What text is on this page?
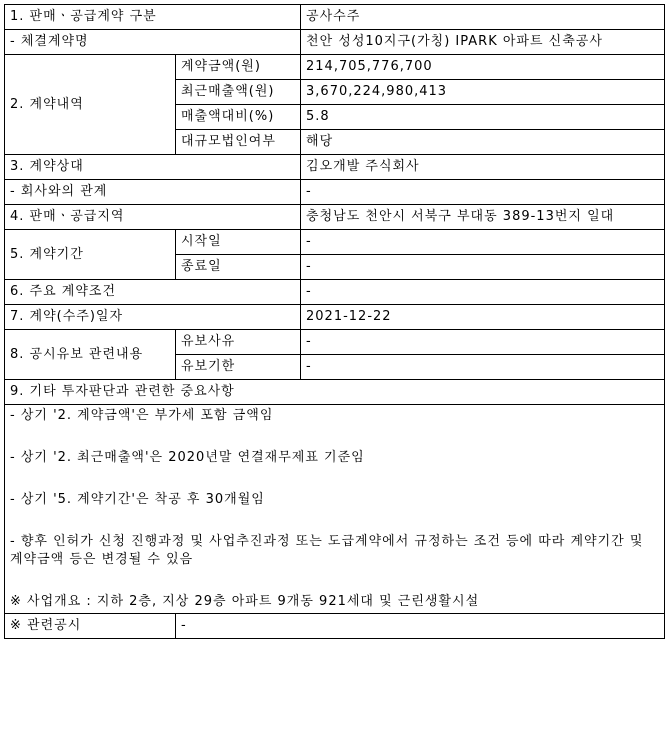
1. 판매ㆍ공급계약 구분		공사수주
- 체결계약명		천안 성성10지구(가칭) IPARK 아파트 신축공사
2. 계약내역	계약금액(원)	214,705,776,700
	최근매출액(원)	3,670,224,980,413
	매출액대비(%)	5.8
	대규모법인여부	해당
3. 계약상대		김오개발 주식회사
- 회사와의 관계		-
4. 판매ㆍ공급지역		충청남도 천안시 서북구 부대동 389-13번지 일대
5. 계약기간	시작일	-
	종료일	-
6. 주요 계약조건		-
7. 계약(수주)일자		2021-12-22
8. 공시유보 관련내용	유보사유	-
	유보기한	-
9. 기타 투자판단과 관련한 중요사항		

- 상기 '2. 계약금액'은 부가세 포함 금액임
- 상기 '2. 최근매출액'은 2020년말 연결재무제표 기준임
- 상기 '5. 계약기간'은 착공 후 30개월임
- 향후 인허가 신청 진행과정 및 사업추진과정 또는 도급계약에서 규정하는 조건 등에 따라 계약기간 및 계약금액 등은 변경될 수 있음
※ 사업개요 : 지하 2층, 지상 29층 아파트 9개동 921세대 및 근린생활시설		

※ 관련공시	-	
